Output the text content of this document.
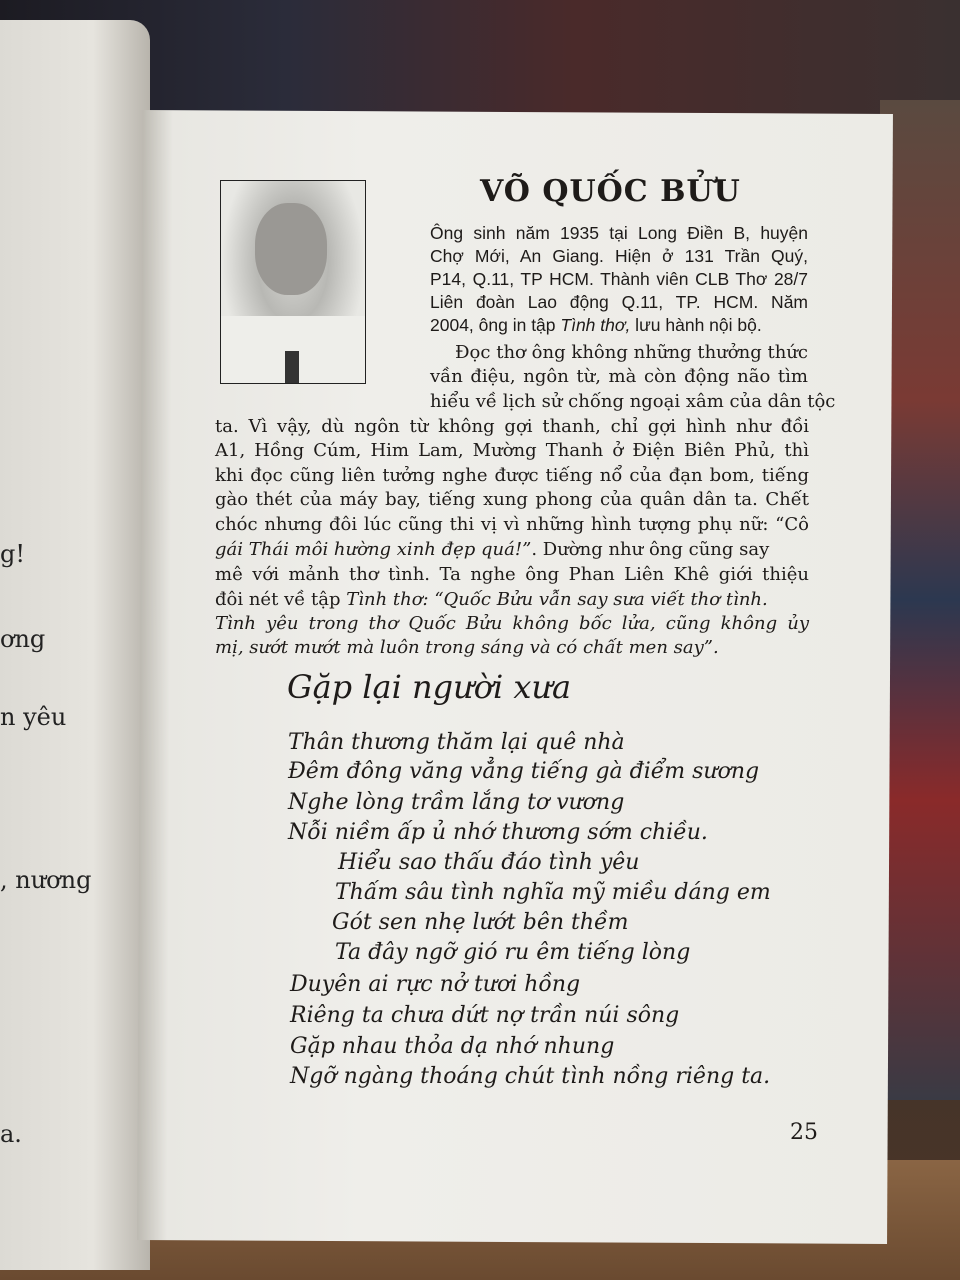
g!
ơng
n yêu
, nương
a.
VÕ QUỐC BỬU
Ông sinh năm 1935 tại Long Điền B, huyện
Chợ Mới, An Giang. Hiện ở 131 Trần Quý,
P14, Q.11, TP HCM. Thành viên CLB Thơ 28/7
Liên đoàn Lao động Q.11, TP. HCM. Năm
2004, ông in tập Tình thơ, lưu hành nội bộ.
Đọc thơ ông không những thưởng thức
vần điệu, ngôn từ, mà còn động não tìm
hiểu về lịch sử chống ngoại xâm của dân tộc
ta. Vì vậy, dù ngôn từ không gợi thanh, chỉ gợi hình như đồi
A1, Hồng Cúm, Him Lam, Mường Thanh ở Điện Biên Phủ, thì
khi đọc cũng liên tưởng nghe được tiếng nổ của đạn bom, tiếng
gào thét của máy bay, tiếng xung phong của quân dân ta. Chết
chóc nhưng đôi lúc cũng thi vị vì những hình tượng phụ nữ: “Cô
gái Thái môi hường xinh đẹp quá!”. Dường như ông cũng say
mê với mảnh thơ tình. Ta nghe ông Phan Liên Khê giới thiệu
đôi nét về tập Tình thơ: “Quốc Bửu vẫn say sưa viết thơ tình.
Tình yêu trong thơ Quốc Bửu không bốc lửa, cũng không ủy
mị, sướt mướt mà luôn trong sáng và có chất men say”.
Gặp lại người xưa
Thân thương thăm lại quê nhà
Đêm đông văng vẳng tiếng gà điểm sương
Nghe lòng trầm lắng tơ vương
Nỗi niềm ấp ủ nhớ thương sớm chiều.
Hiểu sao thấu đáo tình yêu
Thấm sâu tình nghĩa mỹ miều dáng em
Gót sen nhẹ lướt bên thềm
Ta đây ngỡ gió ru êm tiếng lòng
Duyên ai rực nở tươi hồng
Riêng ta chưa dứt nợ trần núi sông
Gặp nhau thỏa dạ nhớ nhung
Ngỡ ngàng thoáng chút tình nồng riêng ta.
25
